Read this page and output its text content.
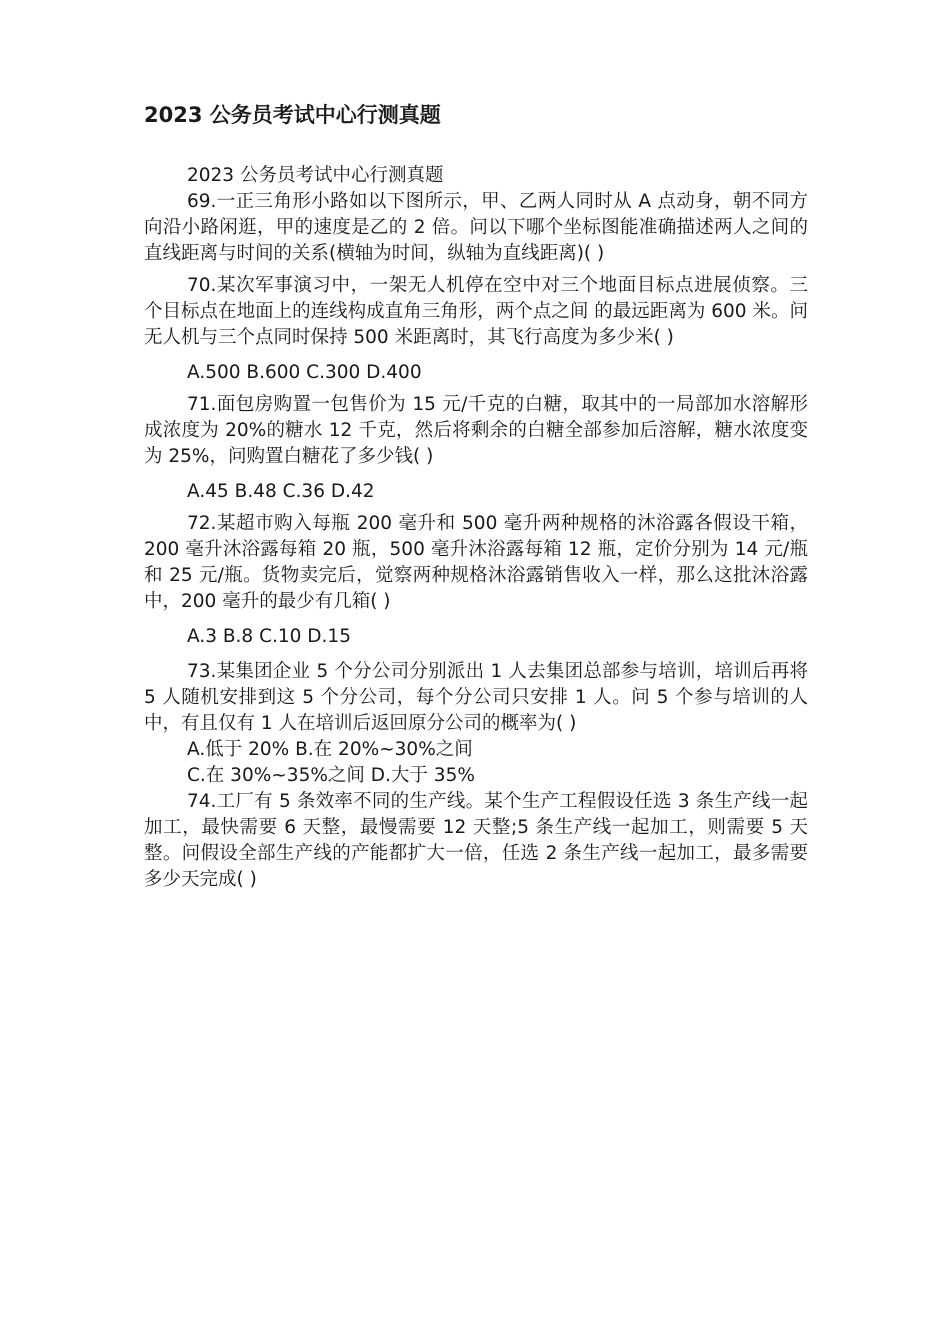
2023 公务员考试中心行测真题

2023 公务员考试中心行测真题

69.一正三角形小路如以下图所示，甲、乙两人同时从 A 点动身，朝不同方向沿小路闲逛，甲的速度是乙的 2 倍。问以下哪个坐标图能准确描述两人之间的直线距离与时间的关系(横轴为时间，纵轴为直线距离)( )

70.某次军事演习中，一架无人机停在空中对三个地面目标点进展侦察。三个目标点在地面上的连线构成直角三角形，两个点之间 的最远距离为 600 米。问无人机与三个点同时保持 500 米距离时，其飞行高度为多少米( )

A.500 B.600 C.300 D.400

71.面包房购置一包售价为 15 元/千克的白糖，取其中的一局部加水溶解形成浓度为 20%的糖水 12 千克，然后将剩余的白糖全部参加后溶解，糖水浓度变为 25%，问购置白糖花了多少钱( )

A.45 B.48 C.36 D.42

72.某超市购入每瓶 200 毫升和 500 毫升两种规格的沐浴露各假设干箱，200 毫升沐浴露每箱 20 瓶，500 毫升沐浴露每箱 12 瓶，定价分别为 14 元/瓶和 25 元/瓶。货物卖完后，觉察两种规格沐浴露销售收入一样，那么这批沐浴露中，200 毫升的最少有几箱( )

A.3 B.8 C.10 D.15

73.某集团企业 5 个分公司分别派出 1 人去集团总部参与培训，培训后再将 5 人随机安排到这 5 个分公司，每个分公司只安排 1 人。问 5 个参与培训的人中，有且仅有 1 人在培训后返回原分公司的概率为( )

A.低于 20% B.在 20%~30%之间

C.在 30%~35%之间 D.大于 35%

74.工厂有 5 条效率不同的生产线。某个生产工程假设任选 3 条生产线一起加工，最快需要 6 天整，最慢需要 12 天整;5 条生产线一起加工，则需要 5 天整。问假设全部生产线的产能都扩大一倍，任选 2 条生产线一起加工，最多需要多少天完成( )
